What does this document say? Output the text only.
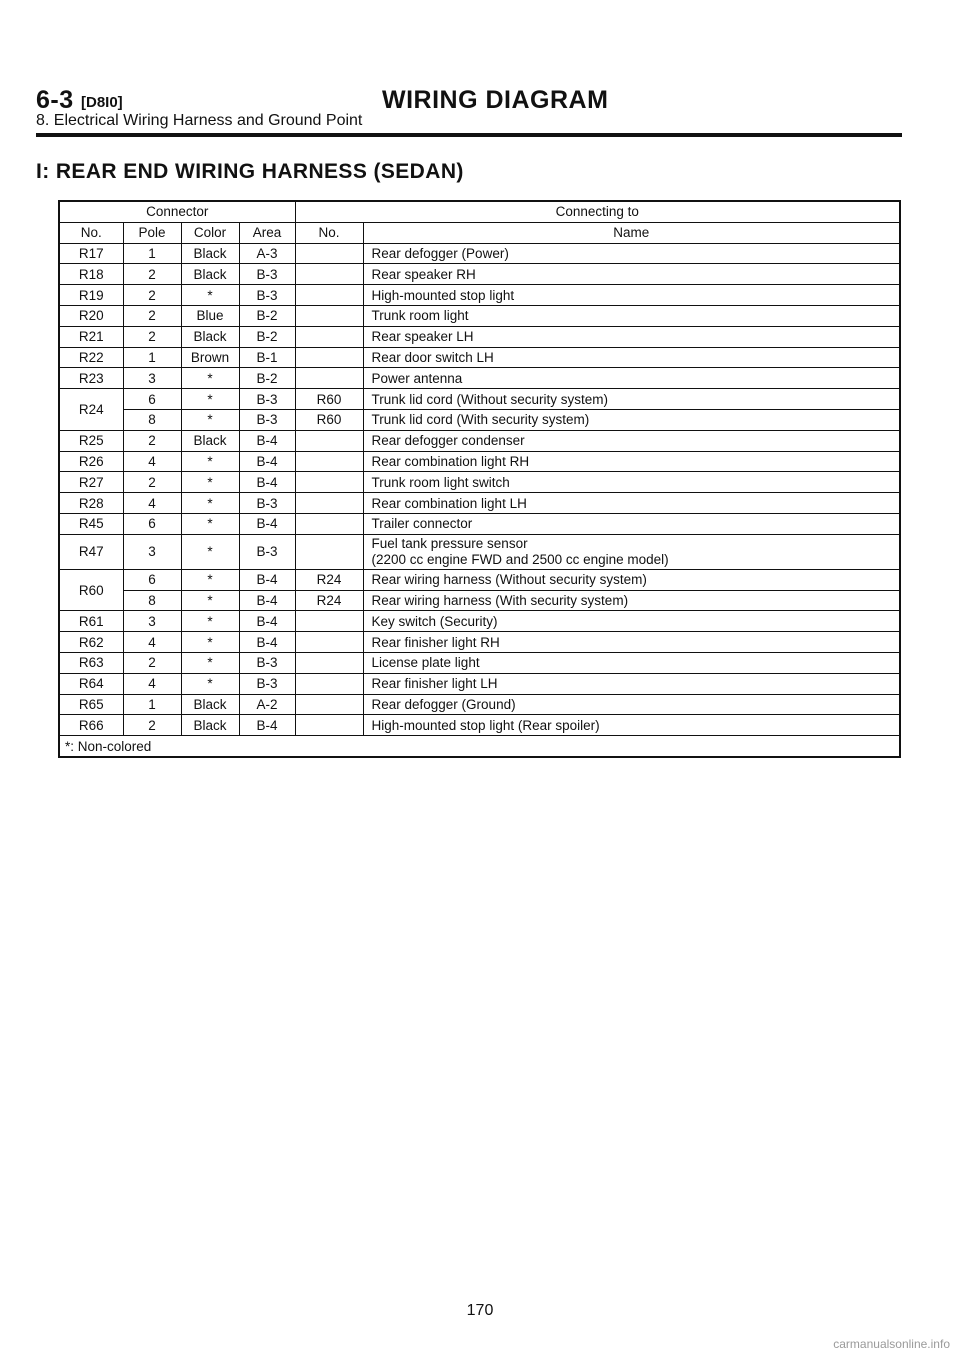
6-3 [D8I0]	WIRING DIAGRAM
8. Electrical Wiring Harness and Ground Point
I: REAR END WIRING HARNESS (SEDAN)
Connector				Connecting to	
No.	Pole	Color	Area	No.	Name
R17	1	Black	A-3		Rear defogger (Power)
R18	2	Black	B-3		Rear speaker RH
R19	2	*	B-3		High-mounted stop light
R20	2	Blue	B-2		Trunk room light
R21	2	Black	B-2		Rear speaker LH
R22	1	Brown	B-1		Rear door switch LH
R23	3	*	B-2		Power antenna
R24	6	*	B-3	R60	Trunk lid cord (Without security system)
	8	*	B-3	R60	Trunk lid cord (With security system)
R25	2	Black	B-4		Rear defogger condenser
R26	4	*	B-4		Rear combination light RH
R27	2	*	B-4		Trunk room light switch
R28	4	*	B-3		Rear combination light LH
R45	6	*	B-4		Trailer connector
R47	3	*	B-3		Fuel tank pressure sensor
(2200 cc engine FWD and 2500 cc engine model)

R60	6	*	B-4	R24	Rear wiring harness (Without security system)
	8	*	B-4	R24	Rear wiring harness (With security system)
R61	3	*	B-4		Key switch (Security)
R62	4	*	B-4		Rear finisher light RH
R63	2	*	B-3		License plate light
R64	4	*	B-3		Rear finisher light LH
R65	1	Black	A-2		Rear defogger (Ground)
R66	2	Black	B-4		High-mounted stop light (Rear spoiler)
*: Non-colored					
170
carmanualsonline.info
